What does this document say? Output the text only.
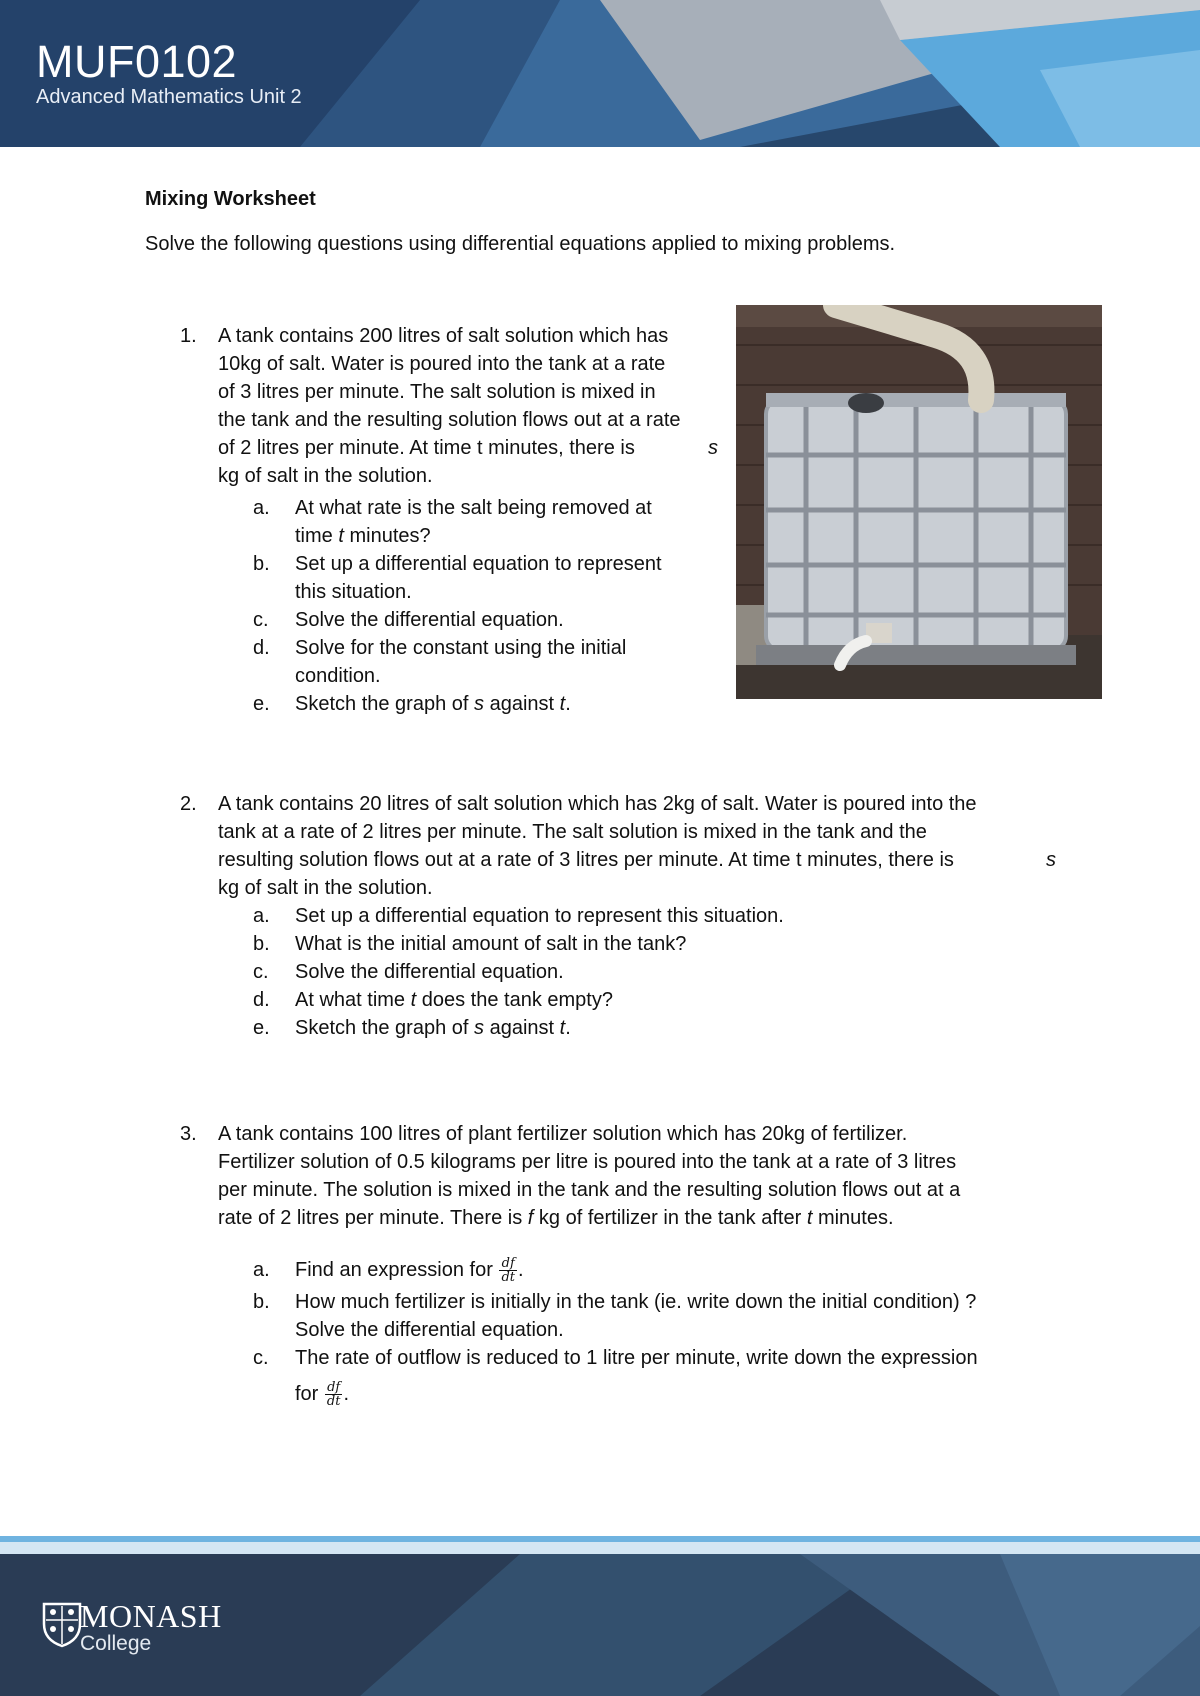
MUF0102
Advanced Mathematics Unit 2
Mixing Worksheet
Solve the following questions using differential equations applied to mixing problems.
1. A tank contains 200 litres of salt solution which has
10kg of salt. Water is poured into the tank at a rate
of 3 litres per minute. The salt solution is mixed in
the tank and the resulting solution flows out at a rate
of 2 litres per minute. At time t minutes, there is	s
kg of salt in the solution.
a. At what rate is the salt being removed at
time t minutes?
b. Set up a differential equation to represent
this situation.
c. Solve the differential equation.
d. Solve for the constant using the initial
condition.
e. Sketch the graph of s against t.
2. A tank contains 20 litres of salt solution which has 2kg of salt. Water is poured into the
tank at a rate of 2 litres per minute. The salt solution is mixed in the tank and the
resulting solution flows out at a rate of 3 litres per minute. At time t minutes, there is	s
kg of salt in the solution.
a. Set up a differential equation to represent this situation.
b. What is the initial amount of salt in the tank?
c. Solve the differential equation.
d. At what time t does the tank empty?
e. Sketch the graph of s against t.
3. A tank contains 100 litres of plant fertilizer solution which has 20kg of fertilizer.
Fertilizer solution of 0.5 kilograms per litre is poured into the tank at a rate of 3 litres
per minute. The solution is mixed in the tank and the resulting solution flows out at a
rate of 2 litres per minute. There is f kg of fertilizer in the tank after t minutes.
a. Find an expression for $\frac{df}{dt}$ .
b. How much fertilizer is initially in the tank (ie. write down the initial condition) ?
Solve the differential equation.
c. The rate of outflow is reduced to 1 litre per minute, write down the expression
for $\frac{df}{dt}$ .
MONASH
College
